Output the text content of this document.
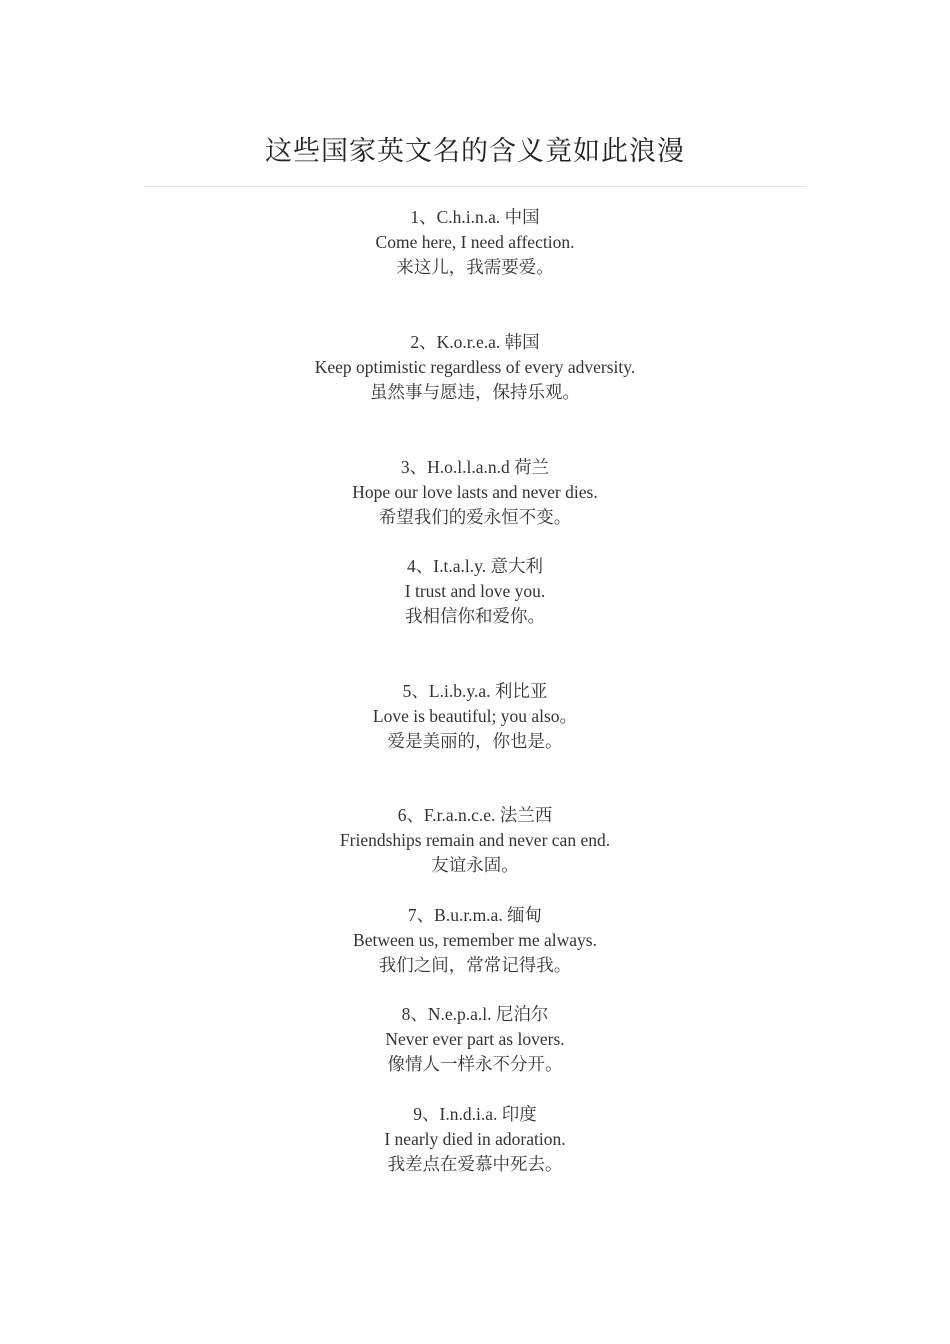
这些国家英文名的含义竟如此浪漫
1、C.h.i.n.a. 中国
Come here, I need affection.
来这儿，我需要爱。
2、K.o.r.e.a. 韩国
Keep optimistic regardless of every adversity.
虽然事与愿违，保持乐观。
3、H.o.l.l.a.n.d 荷兰
Hope our love lasts and never dies.
希望我们的爱永恒不变。
4、I.t.a.l.y. 意大利
I trust and love you.
我相信你和爱你。
5、L.i.b.y.a. 利比亚
Love is beautiful; you also。
爱是美丽的，你也是。
6、F.r.a.n.c.e. 法兰西
Friendships remain and never can end.
友谊永固。
7、B.u.r.m.a. 缅甸
Between us, remember me always.
我们之间，常常记得我。
8、N.e.p.a.l. 尼泊尔
Never ever part as lovers.
像情人一样永不分开。
9、I.n.d.i.a. 印度
I nearly died in adoration.
我差点在爱慕中死去。
